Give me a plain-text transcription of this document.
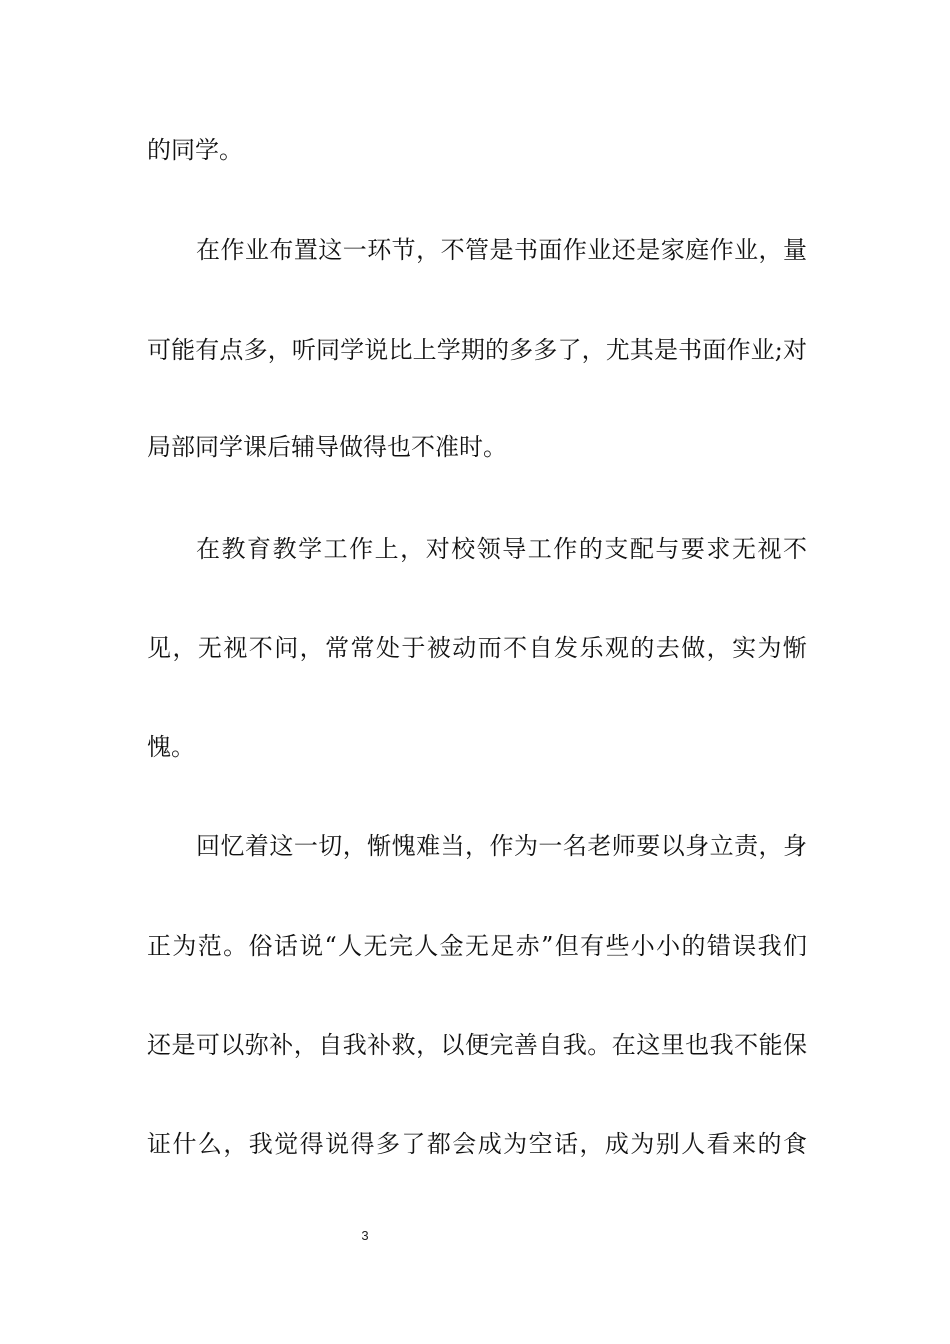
的同学。
在作业布置这一环节，不管是书面作业还是家庭作业，量
可能有点多，听同学说比上学期的多多了，尤其是书面作业;对
局部同学课后辅导做得也不准时。
在教育教学工作上，对校领导工作的支配与要求无视不
见，无视不问，常常处于被动而不自发乐观的去做，实为惭
愧。
回忆着这一切，惭愧难当，作为一名老师要以身立责，身
正为范。俗话说“人无完人金无足赤”但有些小小的错误我们
还是可以弥补，自我补救，以便完善自我。在这里也我不能保
证什么，我觉得说得多了都会成为空话，成为别人看来的食
3
